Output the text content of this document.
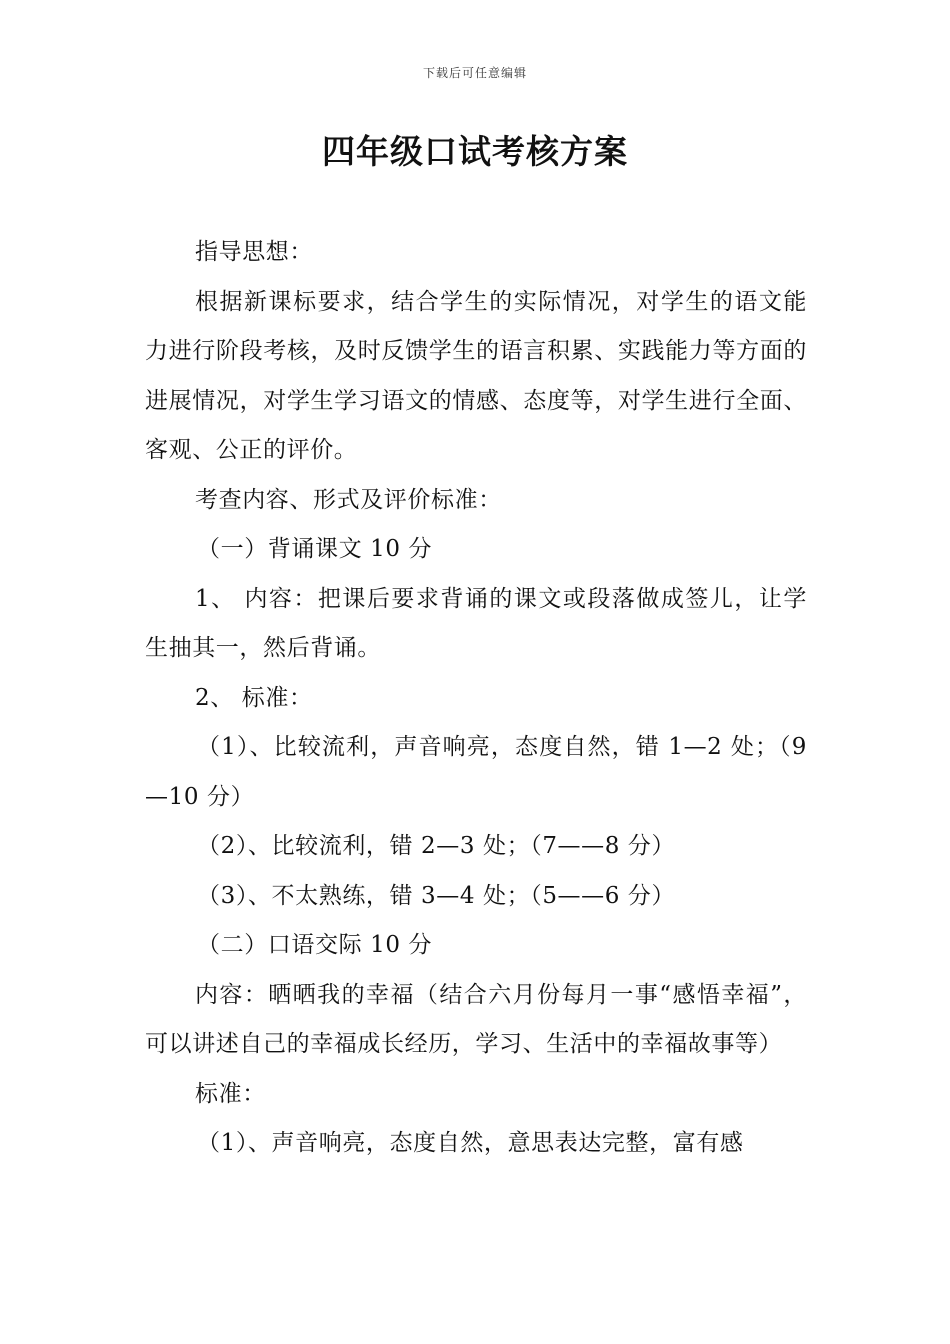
下载后可任意编辑
四年级口试考核方案

指导思想：

根据新课标要求，结合学生的实际情况，对学生的语文能力进行阶段考核，及时反馈学生的语言积累、实践能力等方面的进展情况，对学生学习语文的情感、态度等，对学生进行全面、客观、公正的评价。

考查内容、形式及评价标准：

（一）背诵课文 10 分

1、 内容：把课后要求背诵的课文或段落做成签儿，让学生抽其一，然后背诵。

2、 标准：

（1）、比较流利，声音响亮，态度自然，错 1—2 处；（9—10 分）

（2）、比较流利，错 2—3 处；（7——8 分）

（3）、不太熟练，错 3—4 处；（5——6 分）

（二）口语交际 10 分

内容：晒晒我的幸福（结合六月份每月一事“感悟幸福”，可以讲述自己的幸福成长经历，学习、生活中的幸福故事等）

标准：

（1）、声音响亮，态度自然，意思表达完整，富有感
